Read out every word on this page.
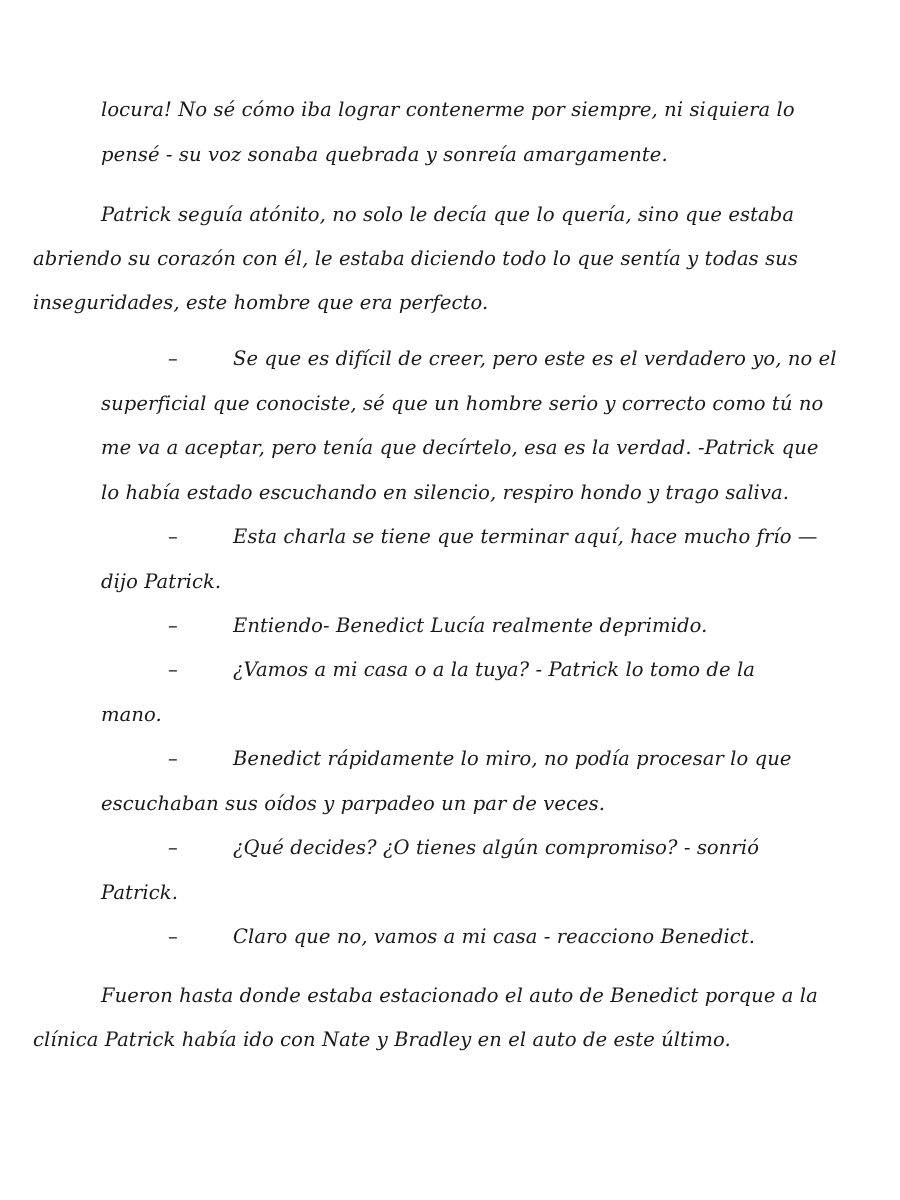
locura! No sé cómo iba lograr contenerme por siempre, ni siquiera lo
pensé - su voz sonaba quebrada y sonreía amargamente.
Patrick seguía atónito, no solo le decía que lo quería, sino que estaba
abriendo su corazón con él, le estaba diciendo todo lo que sentía y todas sus
inseguridades, este hombre que era perfecto.
–	Se que es difícil de creer, pero este es el verdadero yo, no el
superficial que conociste, sé que un hombre serio y correcto como tú no
me va a aceptar, pero tenía que decírtelo, esa es la verdad. -Patrick que
lo había estado escuchando en silencio, respiro hondo y trago saliva.
–	Esta charla se tiene que terminar aquí, hace mucho frío —
dijo Patrick.
–	Entiendo- Benedict Lucía realmente deprimido.
–	¿Vamos a mi casa o a la tuya? - Patrick lo tomo de la
mano.
–	Benedict rápidamente lo miro, no podía procesar lo que
escuchaban sus oídos y parpadeo un par de veces.
–	¿Qué decides? ¿O tienes algún compromiso? - sonrió
Patrick.
–	Claro que no, vamos a mi casa - reacciono Benedict.
Fueron hasta donde estaba estacionado el auto de Benedict porque a la
clínica Patrick había ido con Nate y Bradley en el auto de este último.
